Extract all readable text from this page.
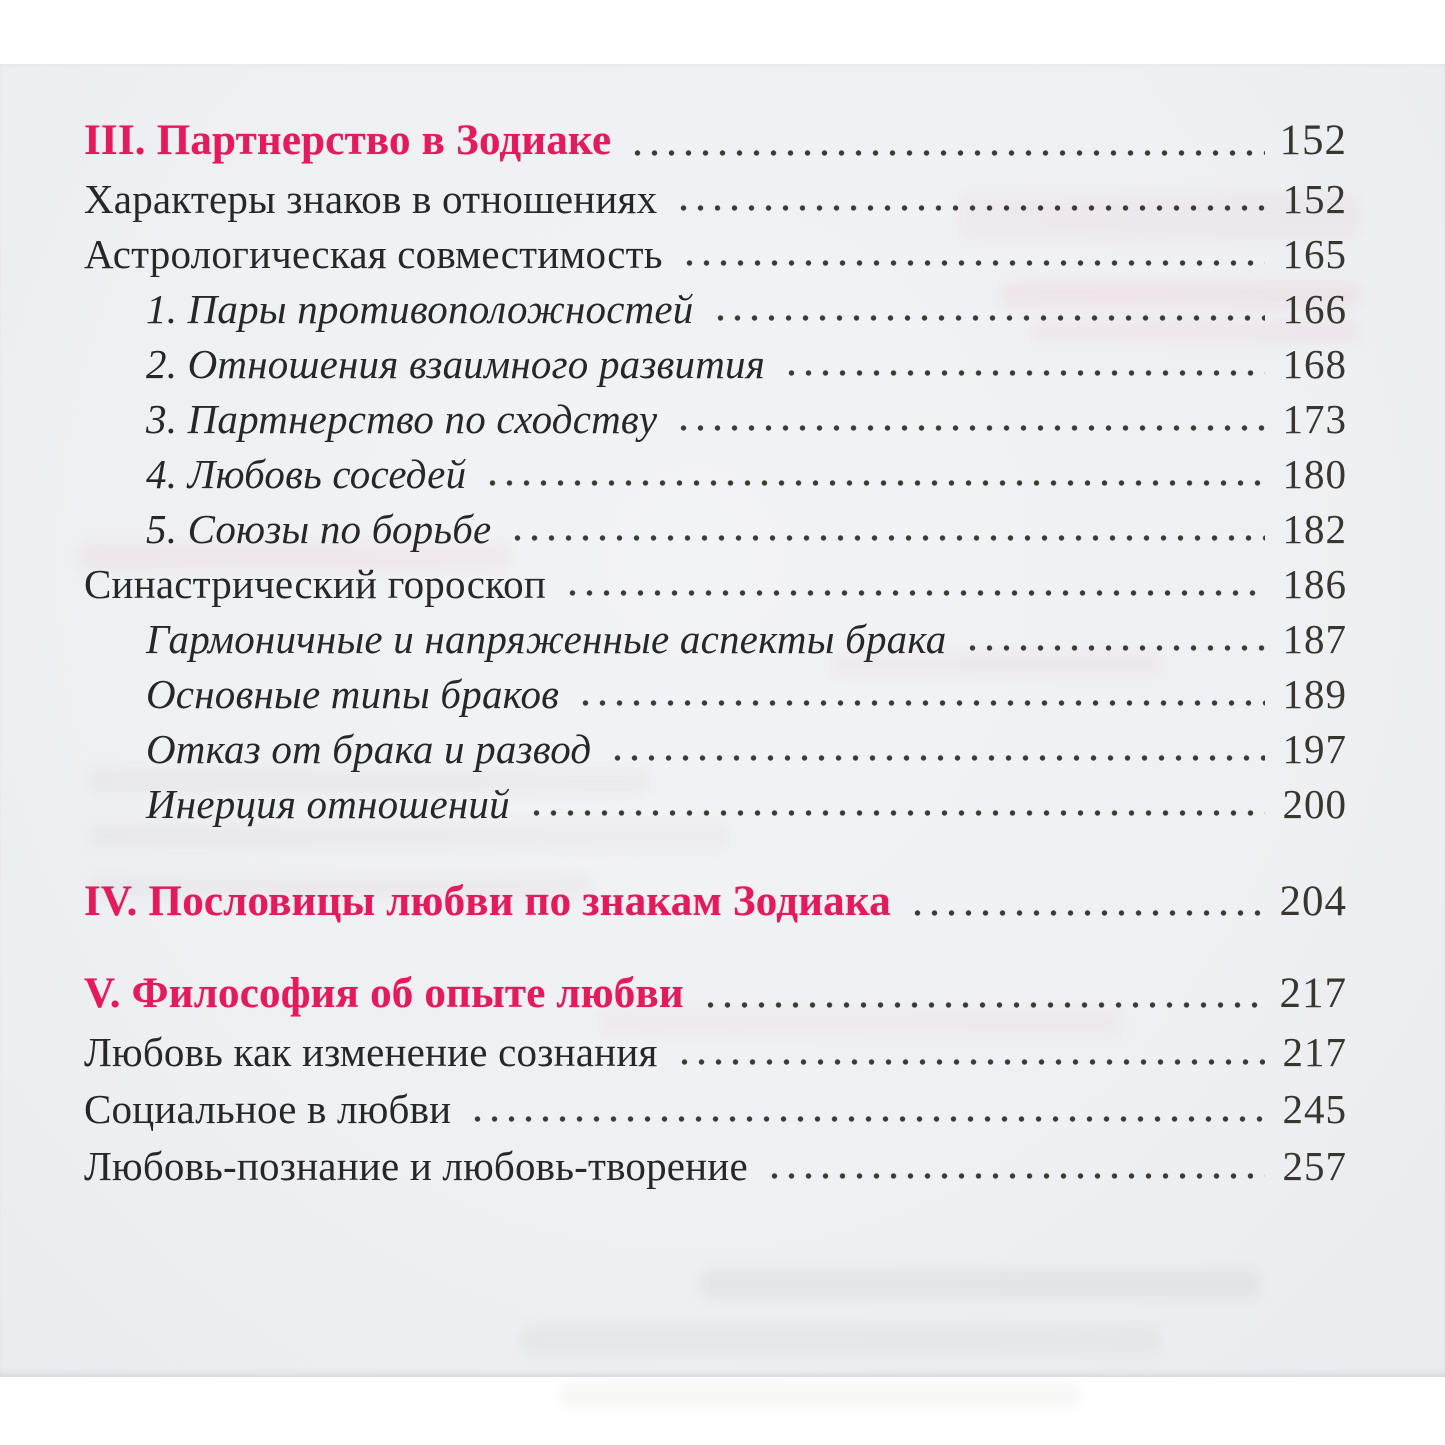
III. Партнерство в Зодиаке	152
Характеры знаков в отношениях	152
Астрологическая совместимость	165
1. Пары противоположностей	166
2. Отношения взаимного развития	168
3. Партнерство по сходству	173
4. Любовь соседей	180
5. Союзы по борьбе	182
Синастрический гороскоп	186
Гармоничные и напряженные аспекты брака	187
Основные типы браков	189
Отказ от брака и развод	197
Инерция отношений	200
IV. Пословицы любви по знакам Зодиака	204
V. Философия об опыте любви	217
Любовь как изменение сознания	217
Социальное в любви	245
Любовь-познание и любовь-творение	257
